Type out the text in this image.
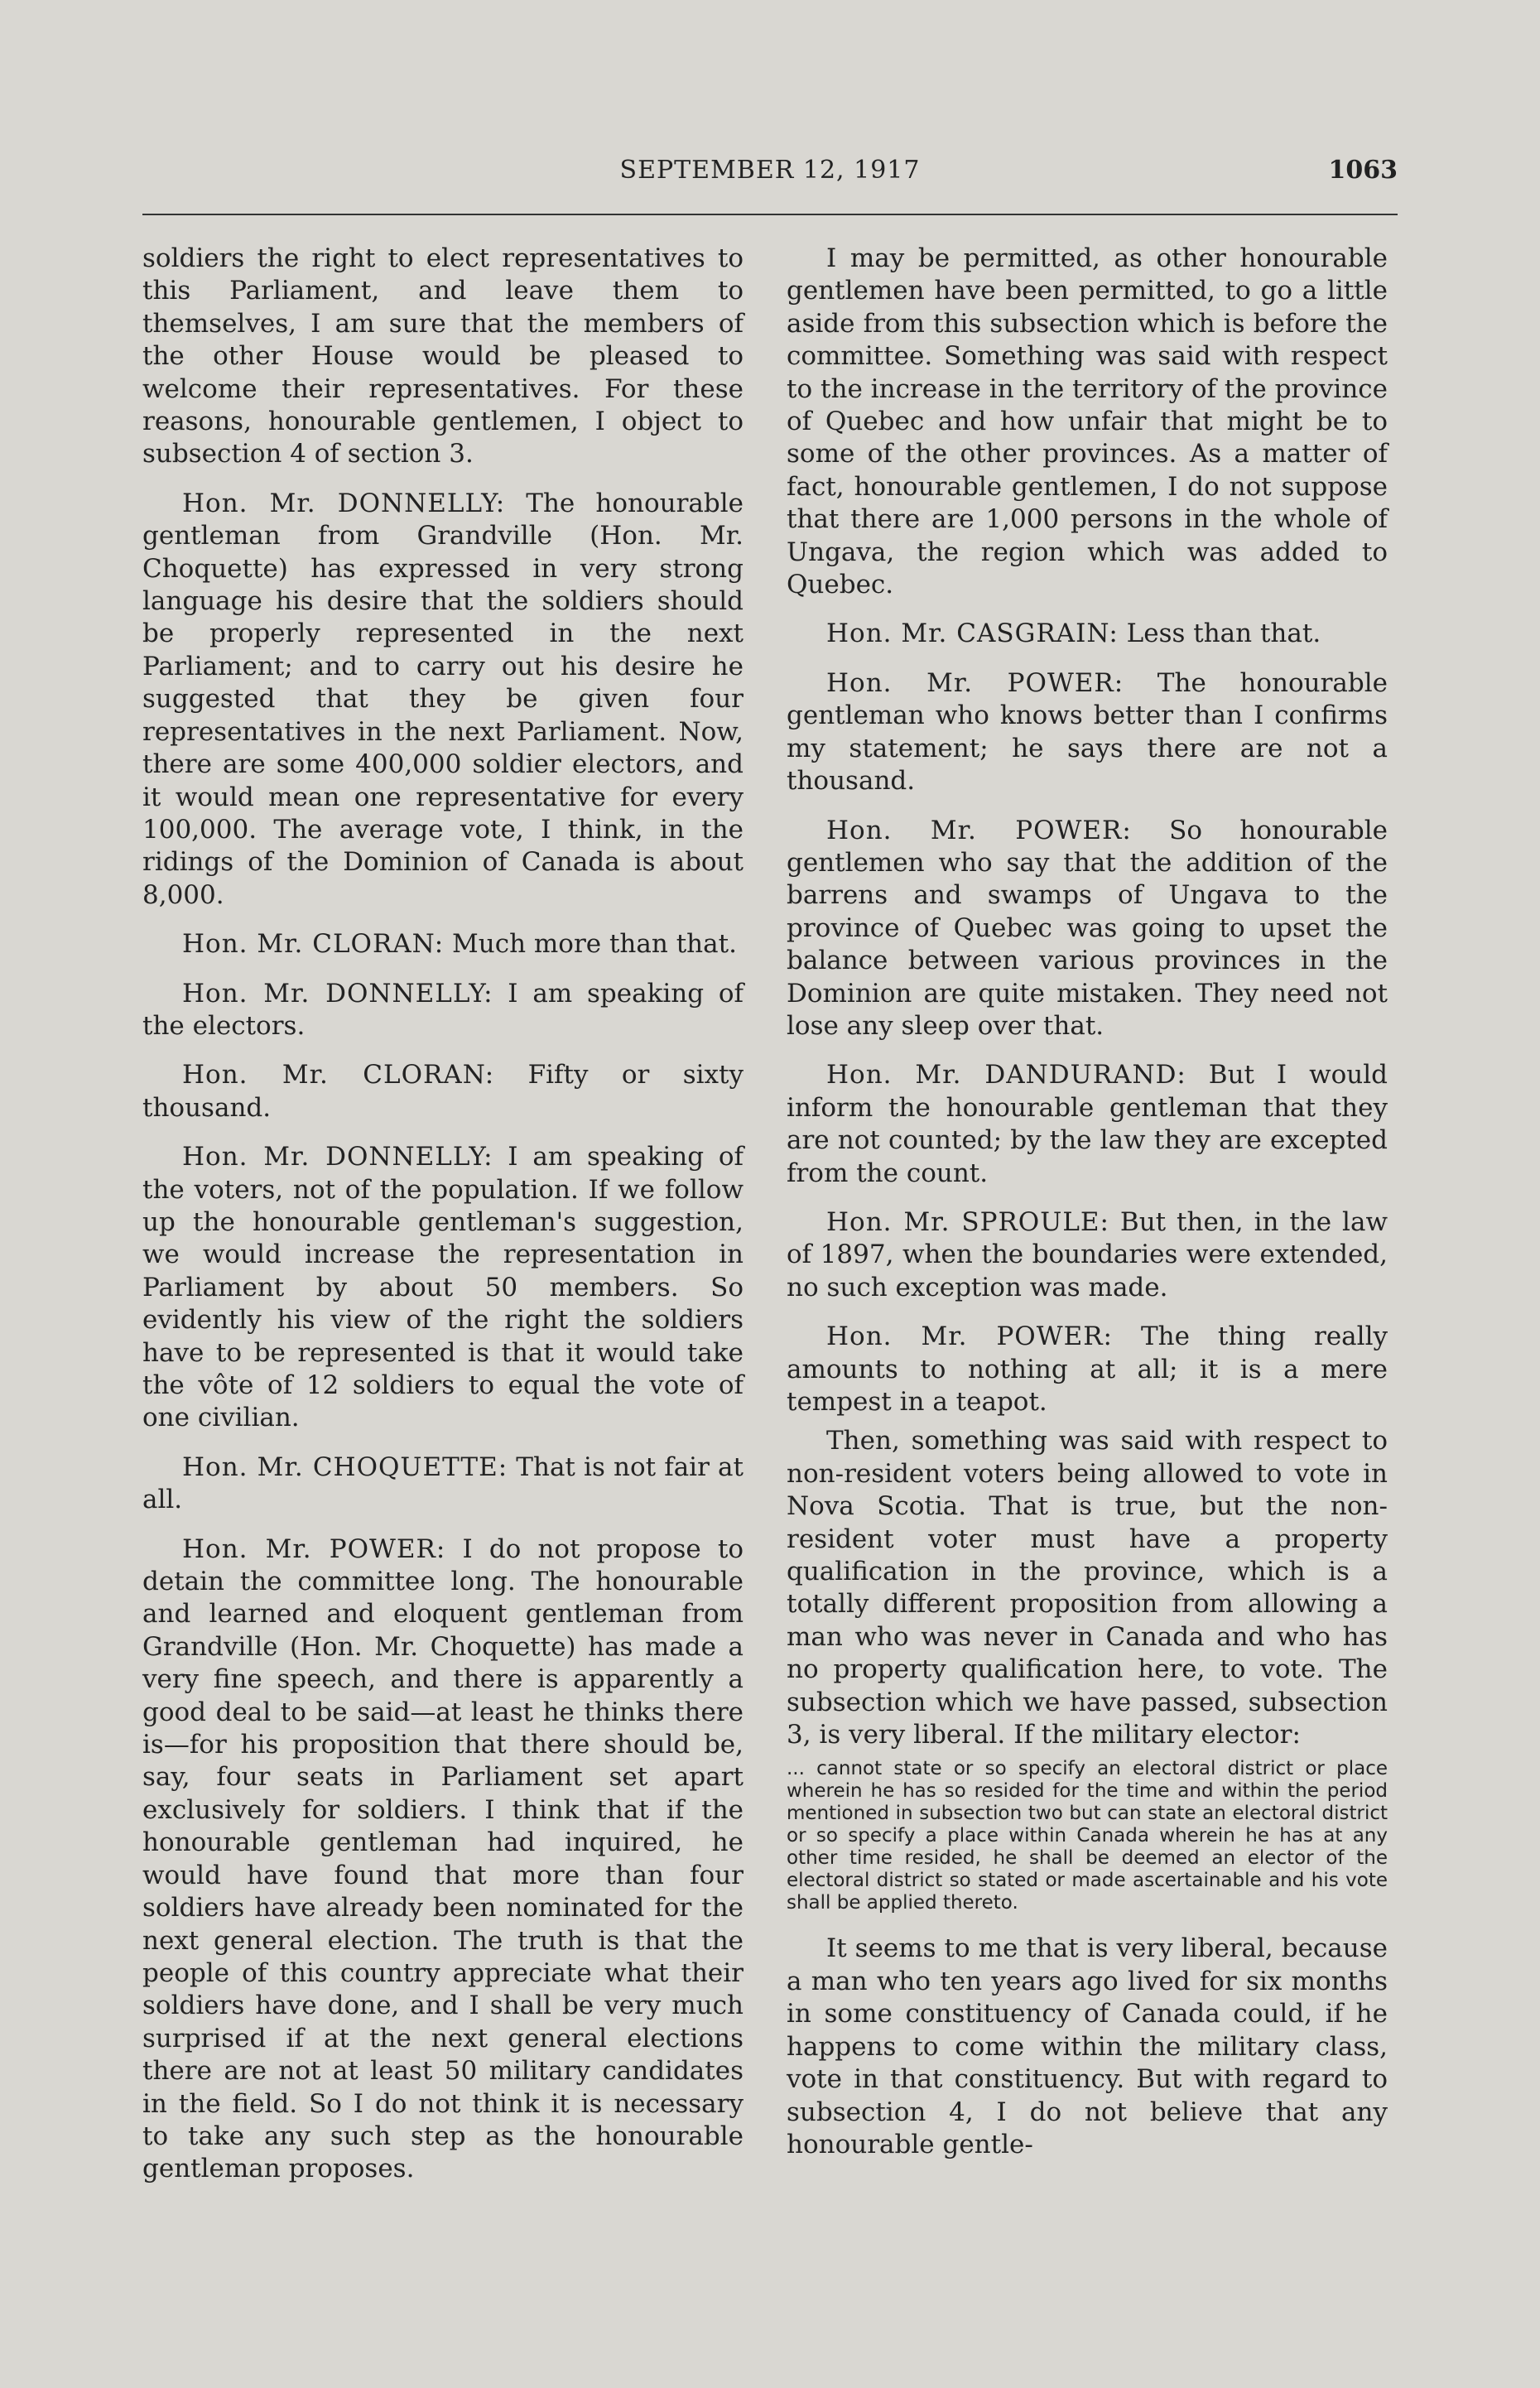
SEPTEMBER 12, 1917	1063

soldiers the right to elect representatives to this Parliament, and leave them to themselves, I am sure that the members of the other House would be pleased to welcome their representatives. For these reasons, honourable gentlemen, I object to subsection 4 of section 3.

Hon. Mr. DONNELLY: The honourable gentleman from Grandville (Hon. Mr. Choquette) has expressed in very strong language his desire that the soldiers should be properly represented in the next Parliament; and to carry out his desire he suggested that they be given four representatives in the next Parliament. Now, there are some 400,000 soldier electors, and it would mean one representative for every 100,000. The average vote, I think, in the ridings of the Dominion of Canada is about 8,000.

Hon. Mr. CLORAN: Much more than that.

Hon. Mr. DONNELLY: I am speaking of the electors.

Hon. Mr. CLORAN: Fifty or sixty thousand.

Hon. Mr. DONNELLY: I am speaking of the voters, not of the population. If we follow up the honourable gentleman's suggestion, we would increase the representation in Parliament by about 50 members. So evidently his view of the right the soldiers have to be represented is that it would take the vôte of 12 soldiers to equal the vote of one civilian.

Hon. Mr. CHOQUETTE: That is not fair at all.

Hon. Mr. POWER: I do not propose to detain the committee long. The honourable and learned and eloquent gentleman from Grandville (Hon. Mr. Choquette) has made a very fine speech, and there is apparently a good deal to be said—at least he thinks there is—for his proposition that there should be, say, four seats in Parliament set apart exclusively for soldiers. I think that if the honourable gentleman had inquired, he would have found that more than four soldiers have already been nominated for the next general election. The truth is that the people of this country appreciate what their soldiers have done, and I shall be very much surprised if at the next general elections there are not at least 50 military candidates in the field. So I do not think it is necessary to take any such step as the honourable gentleman proposes.

I may be permitted, as other honourable gentlemen have been permitted, to go a little aside from this subsection which is before the committee. Something was said with respect to the increase in the territory of the province of Quebec and how unfair that might be to some of the other provinces. As a matter of fact, honourable gentlemen, I do not suppose that there are 1,000 persons in the whole of Ungava, the region which was added to Quebec.

Hon. Mr. CASGRAIN: Less than that.

Hon. Mr. POWER: The honourable gentleman who knows better than I confirms my statement; he says there are not a thousand.

Hon. Mr. POWER: So honourable gentlemen who say that the addition of the barrens and swamps of Ungava to the province of Quebec was going to upset the balance between various provinces in the Dominion are quite mistaken. They need not lose any sleep over that.

Hon. Mr. DANDURAND: But I would inform the honourable gentleman that they are not counted; by the law they are excepted from the count.

Hon. Mr. SPROULE: But then, in the law of 1897, when the boundaries were extended, no such exception was made.

Hon. Mr. POWER: The thing really amounts to nothing at all; it is a mere tempest in a teapot.

Then, something was said with respect to non-resident voters being allowed to vote in Nova Scotia. That is true, but the non-resident voter must have a property qualification in the province, which is a totally different proposition from allowing a man who was never in Canada and who has no property qualification here, to vote. The subsection which we have passed, subsection 3, is very liberal. If the military elector:

... cannot state or so specify an electoral district or place wherein he has so resided for the time and within the period mentioned in subsection two but can state an electoral district or so specify a place within Canada wherein he has at any other time resided, he shall be deemed an elector of the electoral district so stated or made ascertainable and his vote shall be applied thereto.

It seems to me that is very liberal, because a man who ten years ago lived for six months in some constituency of Canada could, if he happens to come within the military class, vote in that constituency. But with regard to subsection 4, I do not believe that any honourable gentle-
